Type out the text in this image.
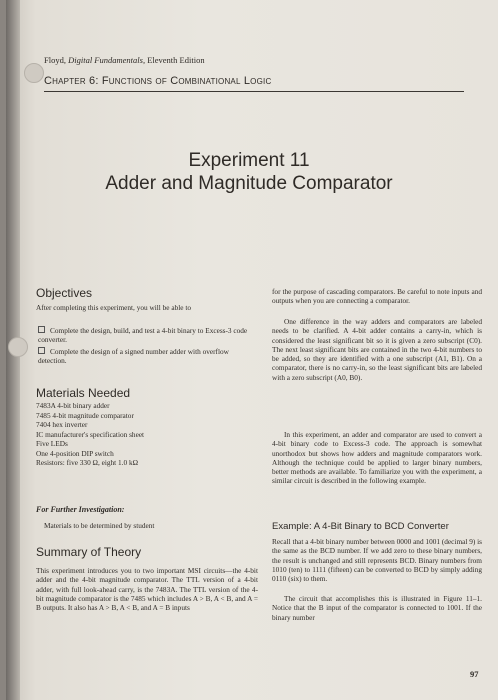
Floyd, Digital Fundamentals, Eleventh Edition
Chapter 6: Functions of Combinational Logic
Experiment 11
Adder and Magnitude Comparator
Objectives
After completing this experiment, you will be able to
Complete the design, build, and test a 4-bit binary to Excess-3 code converter.
Complete the design of a signed number adder with overflow detection.
Materials Needed
7483A 4-bit binary adder
7485 4-bit magnitude comparator
7404 hex inverter
IC manufacturer's specification sheet
Five LEDs
One 4-position DIP switch
Resistors: five 330 Ω, eight 1.0 kΩ
For Further Investigation:
Materials to be determined by student
Summary of Theory
This experiment introduces you to two important MSI circuits—the 4-bit adder and the 4-bit magnitude comparator. The TTL version of a 4-bit adder, with full look-ahead carry, is the 7483A. The TTL version of the 4-bit magnitude comparator is the 7485 which includes A > B, A < B, and A = B outputs. It also has A > B, A < B, and A = B inputs
for the purpose of cascading comparators. Be careful to note inputs and outputs when you are connecting a comparator.
One difference in the way adders and comparators are labeled needs to be clarified. A 4-bit adder contains a carry-in, which is considered the least significant bit so it is given a zero subscript (C0). The next least significant bits are contained in the two 4-bit numbers to be added, so they are identified with a one subscript (A1, B1). On a comparator, there is no carry-in, so the least significant bits are labeled with a zero subscript (A0, B0).
In this experiment, an adder and comparator are used to convert a 4-bit binary code to Excess-3 code. The approach is somewhat unorthodox but shows how adders and magnitude comparators work. Although the technique could be applied to larger binary numbers, better methods are available. To familiarize you with the experiment, a similar circuit is described in the following example.
Example: A 4-Bit Binary to BCD Converter
Recall that a 4-bit binary number between 0000 and 1001 (decimal 9) is the same as the BCD number. If we add zero to these binary numbers, the result is unchanged and still represents BCD. Binary numbers from 1010 (ten) to 1111 (fifteen) can be converted to BCD by simply adding 0110 (six) to them.
The circuit that accomplishes this is illustrated in Figure 11–1. Notice that the B input of the comparator is connected to 1001. If the binary number
97
